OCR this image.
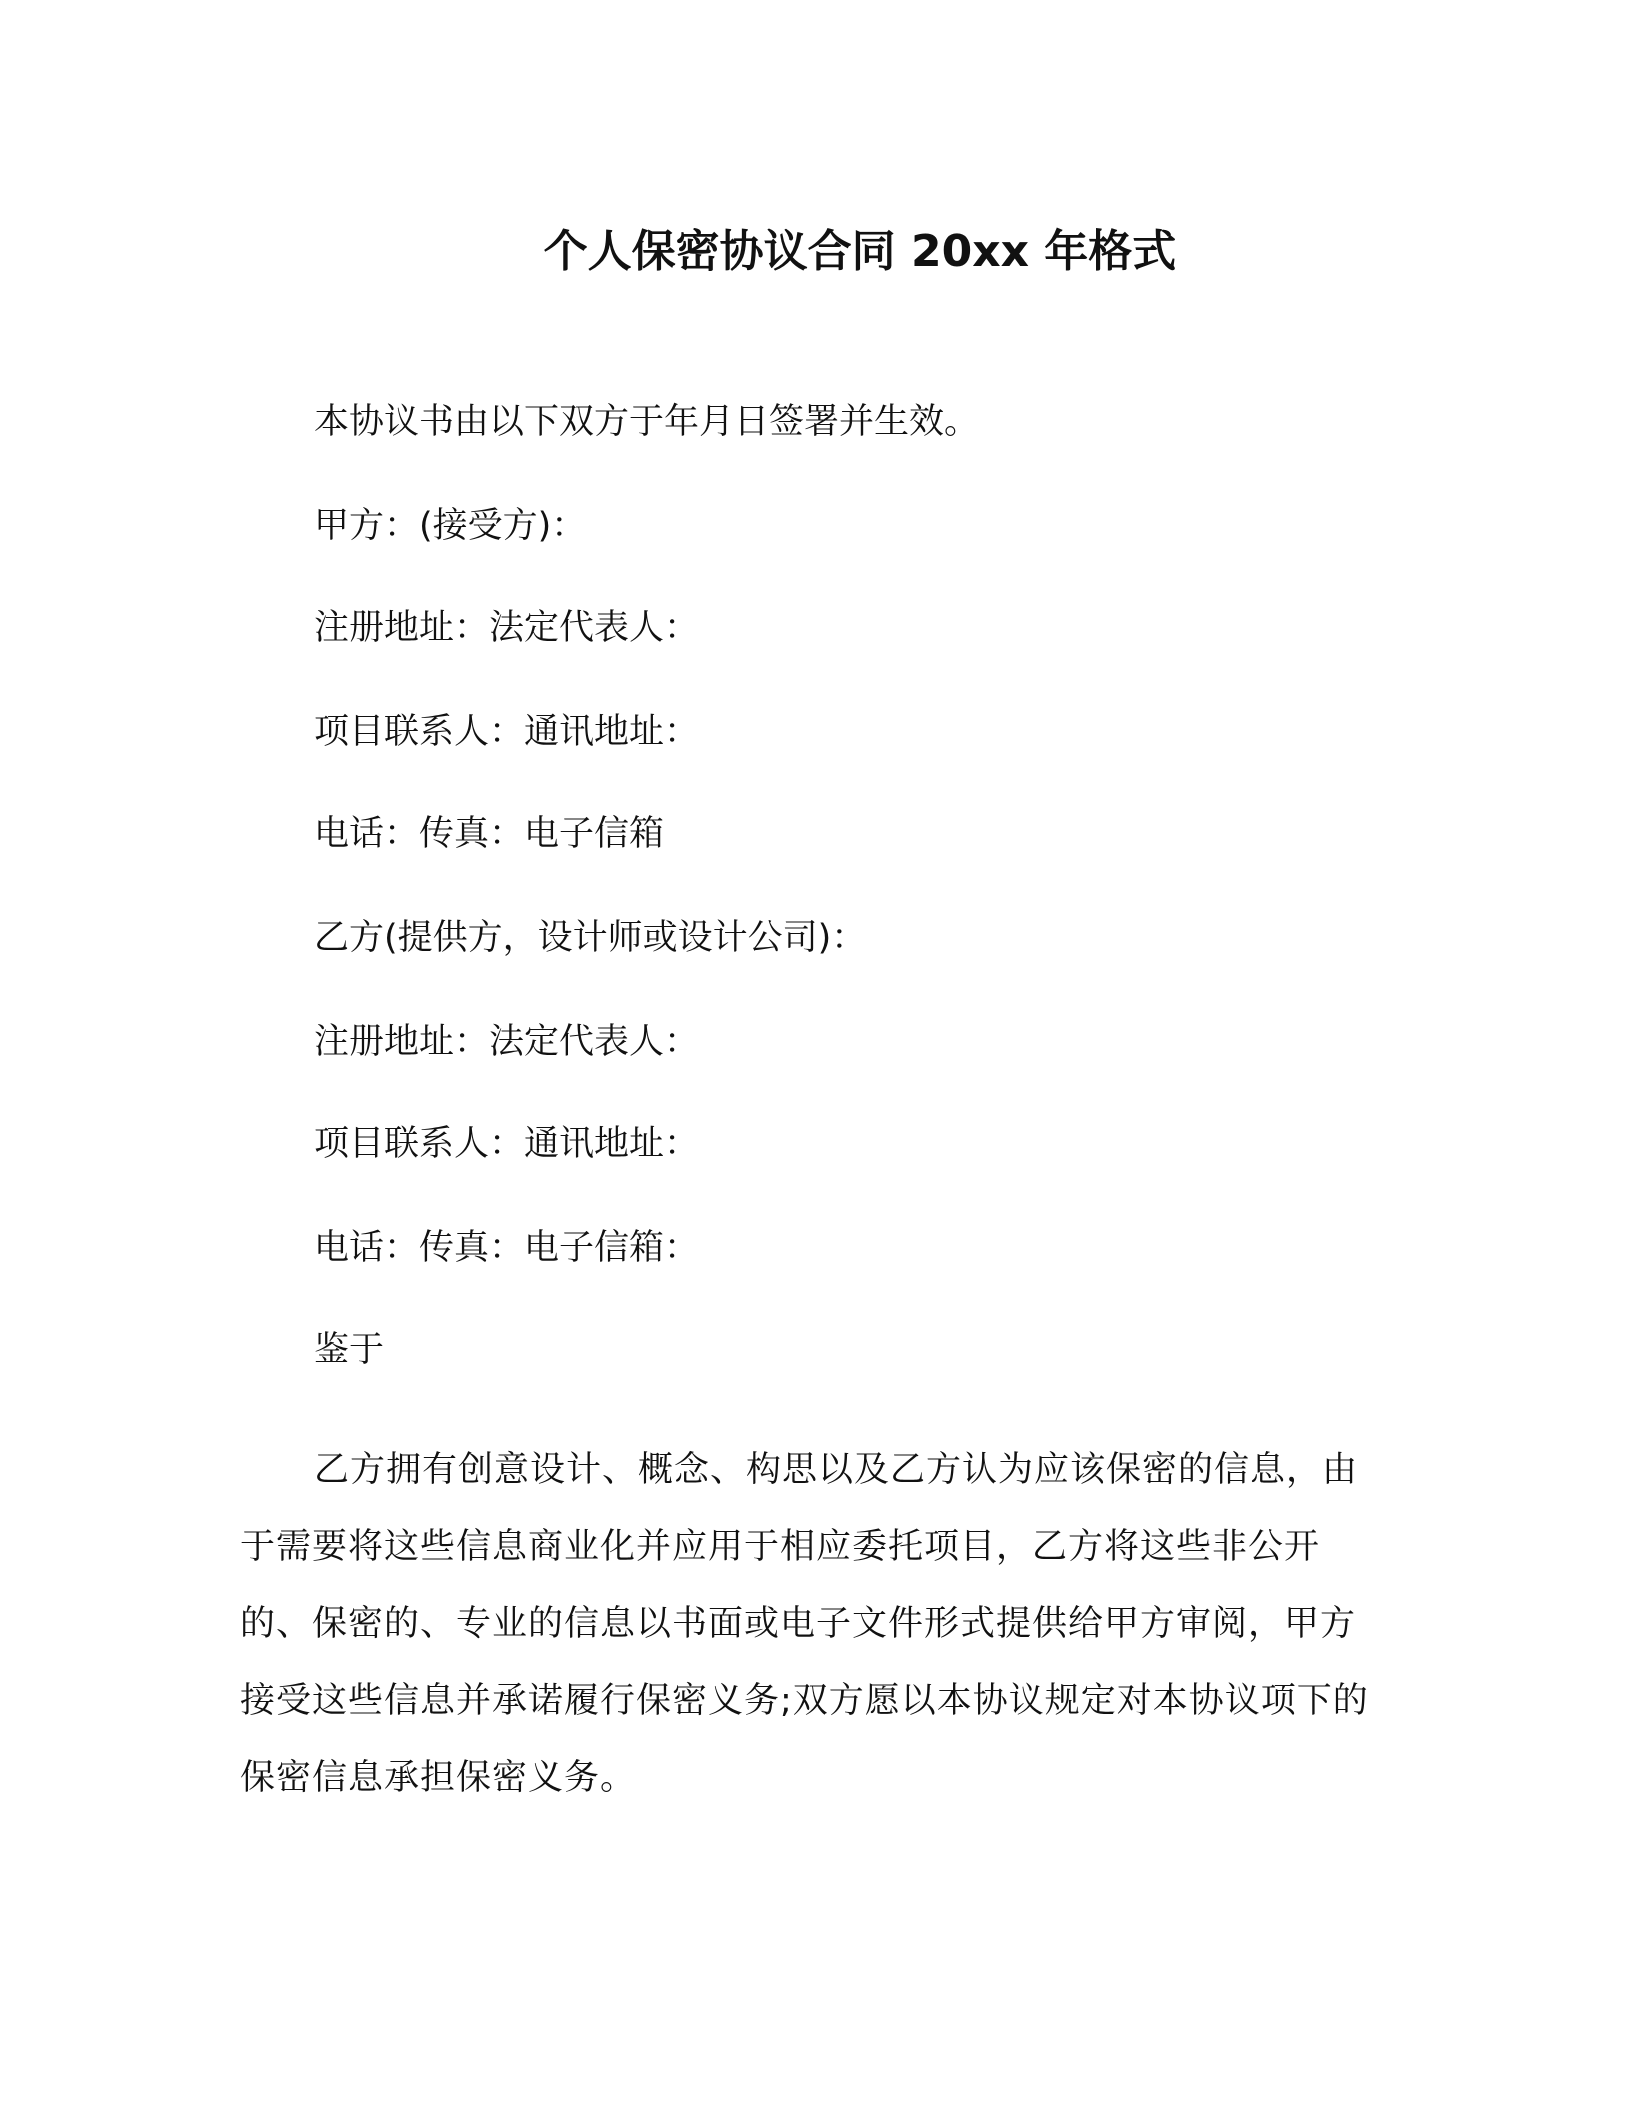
个人保密协议合同 20xx 年格式
本协议书由以下双方于年月日签署并生效。
甲方：(接受方)：
注册地址：法定代表人：
项目联系人：通讯地址：
电话：传真：电子信箱
乙方(提供方，设计师或设计公司)：
注册地址：法定代表人：
项目联系人：通讯地址：
电话：传真：电子信箱：
鉴于
乙方拥有创意设计、概念、构思以及乙方认为应该保密的信息，由于需要将这些信息商业化并应用于相应委托项目，乙方将这些非公开的、保密的、专业的信息以书面或电子文件形式提供给甲方审阅，甲方接受这些信息并承诺履行保密义务;双方愿以本协议规定对本协议项下的保密信息承担保密义务。
